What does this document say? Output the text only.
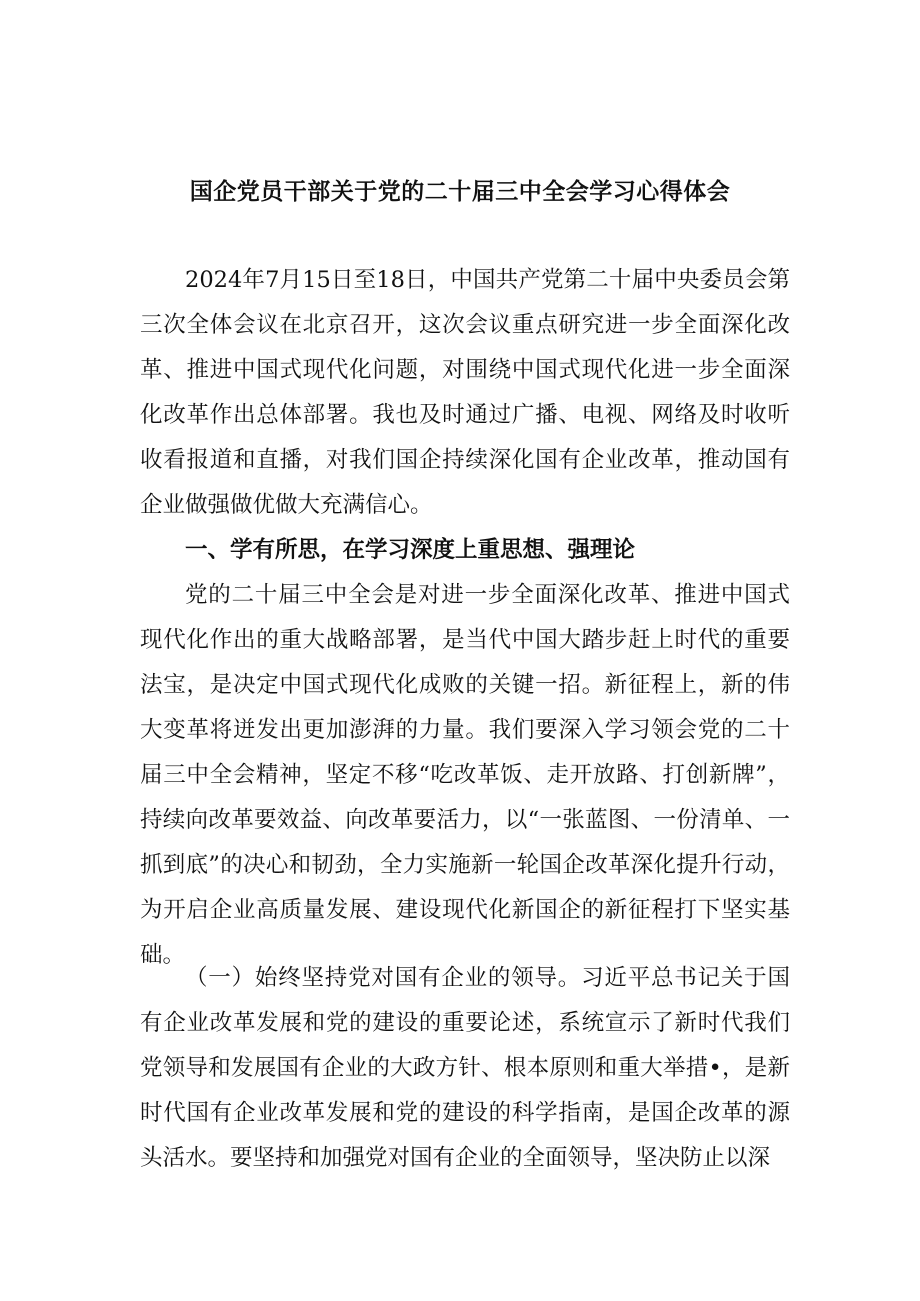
国企党员干部关于党的二十届三中全会学习心得体会

2024年7月15日至18日，中国共产党第二十届中央委员会第三次全体会议在北京召开，这次会议重点研究进一步全面深化改革、推进中国式现代化问题，对围绕中国式现代化进一步全面深化改革作出总体部署。我也及时通过广播、电视、网络及时收听收看报道和直播，对我们国企持续深化国有企业改革，推动国有企业做强做优做大充满信心。

一、学有所思，在学习深度上重思想、强理论

党的二十届三中全会是对进一步全面深化改革、推进中国式现代化作出的重大战略部署，是当代中国大踏步赶上时代的重要法宝，是决定中国式现代化成败的关键一招。新征程上，新的伟大变革将迸发出更加澎湃的力量。我们要深入学习领会党的二十届三中全会精神，坚定不移“吃改革饭、走开放路、打创新牌”，持续向改革要效益、向改革要活力，以“一张蓝图、一份清单、一抓到底”的决心和韧劲，全力实施新一轮国企改革深化提升行动，为开启企业高质量发展、建设现代化新国企的新征程打下坚实基础。

（一）始终坚持党对国有企业的领导。习近平总书记关于国有企业改革发展和党的建设的重要论述，系统宣示了新时代我们党领导和发展国有企业的大政方针、根本原则和重大举措•，是新时代国有企业改革发展和党的建设的科学指南，是国企改革的源头活水。要坚持和加强党对国有企业的全面领导，坚决防止以深
